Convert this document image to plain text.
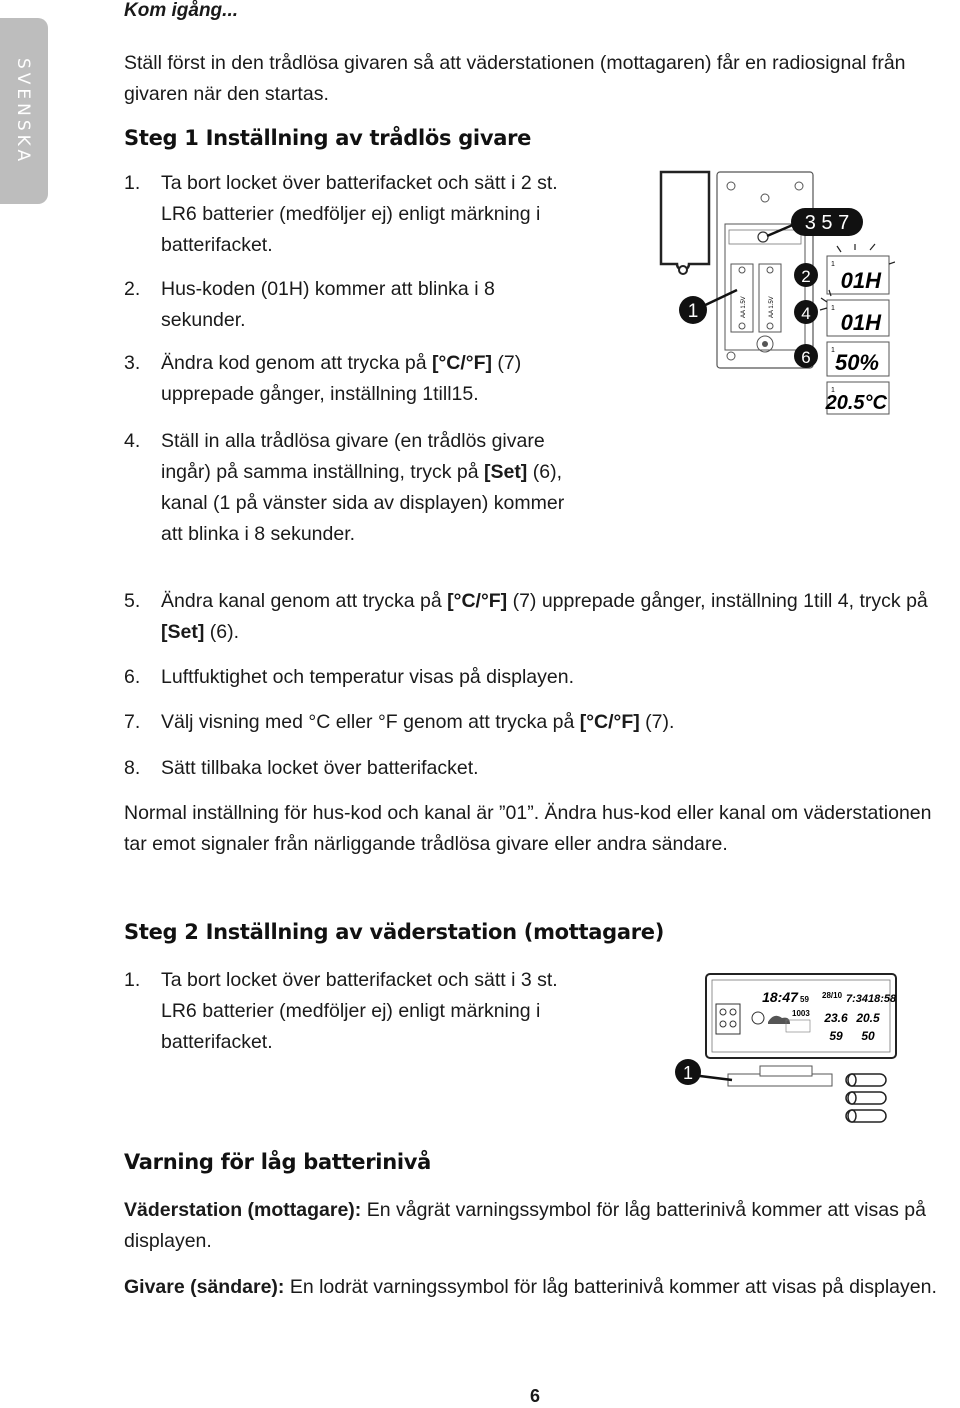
SVENSKA
Kom igång...

Ställ först in den trådlösa givaren så att väderstationen (mottagaren) får en radiosignal från givaren när den startas.

Steg 1 Inställning av trådlös givare
1. Ta bort locket över batterifacket och sätt i 2 st. LR6 batterier (medföljer ej) enligt märkning i batterifacket.
2. Hus-koden (01H) kommer att blinka i 8 sekunder.
3. Ändra kod genom att trycka på [°C/°F] (7) upprepade gånger, inställning 1till15.
4. Ställ in alla trådlösa givare (en trådlös givare ingår) på samma inställning, tryck på [Set] (6), kanal (1 på vänster sida av displayen) kommer att blinka i 8 sekunder.
5. Ändra kanal genom att trycka på [°C/°F] (7) upprepade gånger, inställning 1till 4, tryck på [Set] (6).
6. Luftfuktighet och temperatur visas på displayen.
7. Välj visning med °C eller °F genom att trycka på [°C/°F] (7).
8. Sätt tillbaka locket över batterifacket.

Normal inställning för hus-kod och kanal är ”01”. Ändra hus-kod eller kanal om väderstationen tar emot signaler från närliggande trådlösa givare eller andra sändare.

AA 1.5V	AA 1.5V
1
3 5 7
2
4
6
1
01H
1
01H
1 50%
1
20.5°C
Steg 2 Inställning av väderstation (mottagare)
1. Ta bort locket över batterifacket och sätt i 3 st. LR6 batterier (medföljer ej) enligt märkning i batterifacket.
18:47 59 28/10 7:34 18:58
1003 23.6 20.5
59 50
1
Varning för låg batterinivå

Väderstation (mottagare): En vågrät varningssymbol för låg batterinivå kommer att visas på displayen.

Givare (sändare): En lodrät varningssymbol för låg batterinivå kommer att visas på displayen.

6
